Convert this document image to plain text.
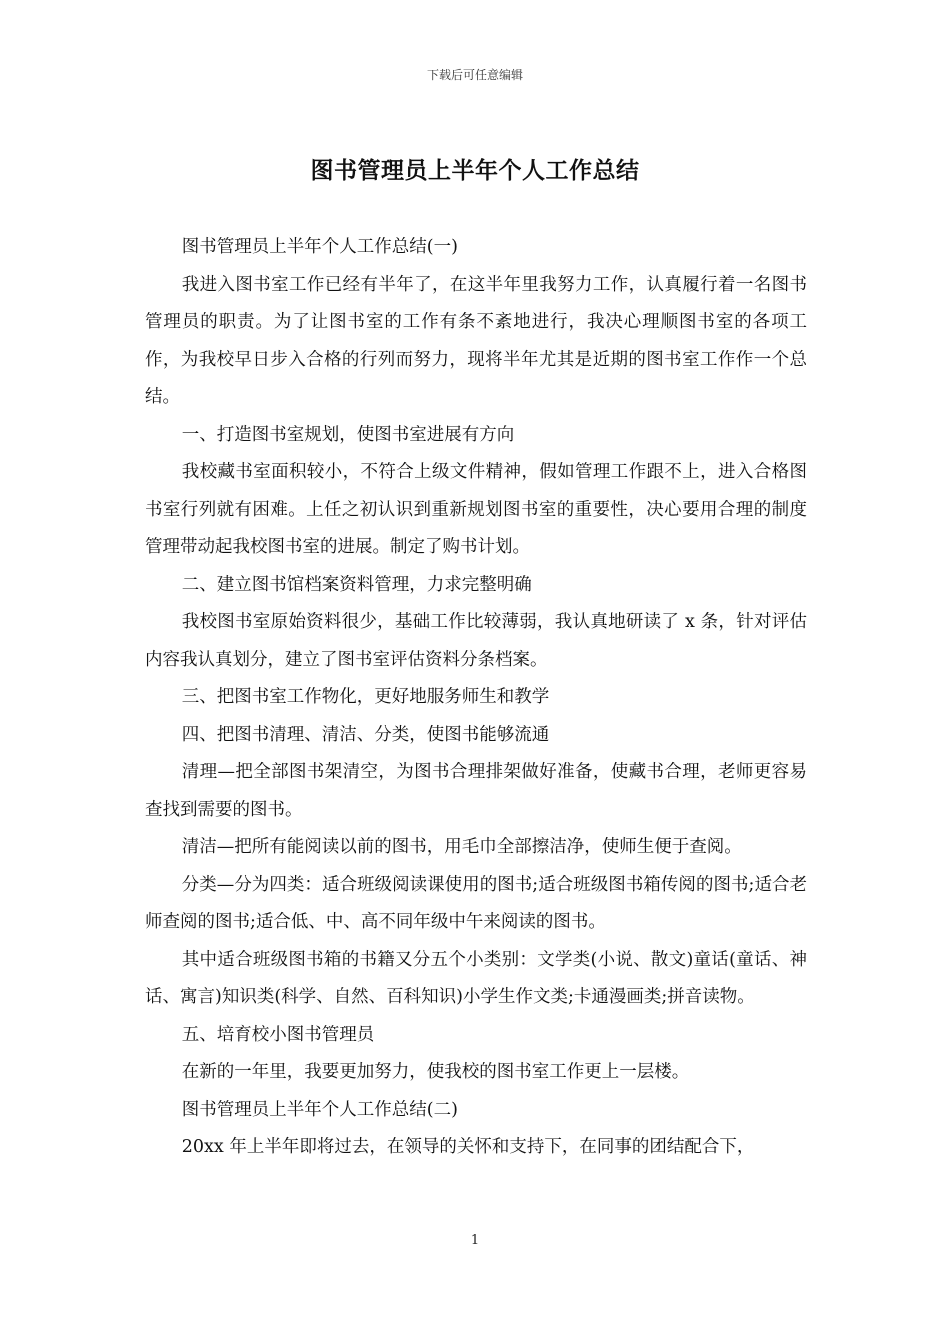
下载后可任意编辑
图书管理员上半年个人工作总结

图书管理员上半年个人工作总结(一)

我进入图书室工作已经有半年了，在这半年里我努力工作，认真履行着一名图书管理员的职责。为了让图书室的工作有条不紊地进行，我决心理顺图书室的各项工作，为我校早日步入合格的行列而努力，现将半年尤其是近期的图书室工作作一个总结。

一、打造图书室规划，使图书室进展有方向

我校藏书室面积较小，不符合上级文件精神，假如管理工作跟不上，进入合格图书室行列就有困难。上任之初认识到重新规划图书室的重要性，决心要用合理的制度管理带动起我校图书室的进展。制定了购书计划。

二、建立图书馆档案资料管理，力求完整明确

我校图书室原始资料很少，基础工作比较薄弱，我认真地研读了 x 条，针对评估内容我认真划分，建立了图书室评估资料分条档案。

三、把图书室工作物化，更好地服务师生和教学

四、把图书清理、清洁、分类，使图书能够流通

清理—把全部图书架清空，为图书合理排架做好准备，使藏书合理，老师更容易查找到需要的图书。

清洁—把所有能阅读以前的图书，用毛巾全部擦洁净，使师生便于查阅。

分类—分为四类：适合班级阅读课使用的图书;适合班级图书箱传阅的图书;适合老师查阅的图书;适合低、中、高不同年级中午来阅读的图书。

其中适合班级图书箱的书籍又分五个小类别：文学类(小说、散文)童话(童话、神话、寓言)知识类(科学、自然、百科知识)小学生作文类;卡通漫画类;拼音读物。

五、培育校小图书管理员

在新的一年里，我要更加努力，使我校的图书室工作更上一层楼。

图书管理员上半年个人工作总结(二)

20xx 年上半年即将过去，在领导的关怀和支持下，在同事的团结配合下，

1
